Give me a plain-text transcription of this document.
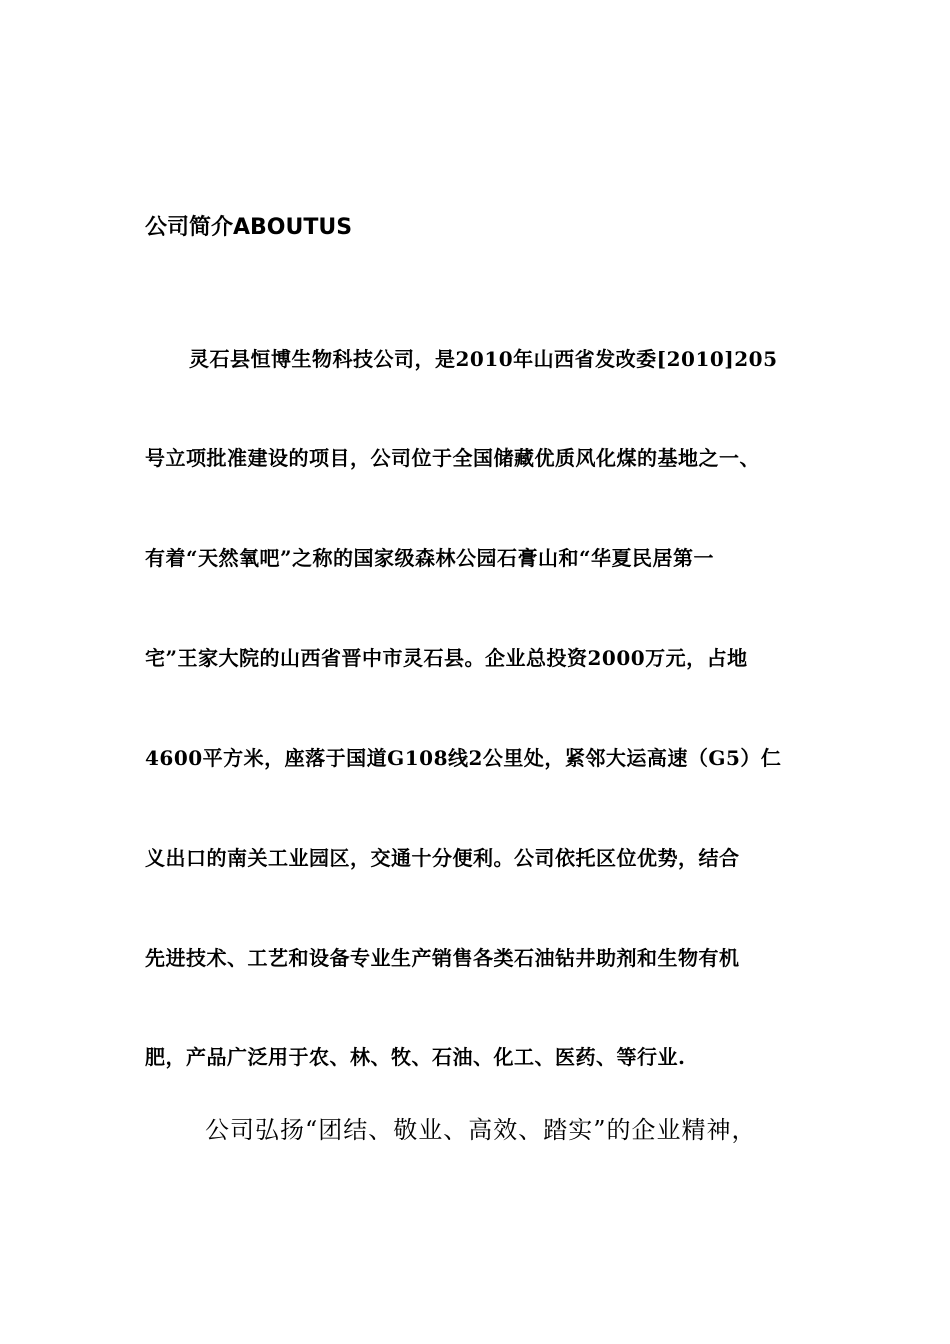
公司简介ABOUTUS
灵石县恒博生物科技公司，是2010年山西省发改委[2010]205
号立项批准建设的项目，公司位于全国储藏优质风化煤的基地之一、
有着“天然氧吧”之称的国家级森林公园石膏山和“华夏民居第一
宅”王家大院的山西省晋中市灵石县。企业总投资2000万元，占地
4600平方米，座落于国道G108线2公里处，紧邻大运高速（G5）仁
义出口的南关工业园区，交通十分便利。公司依托区位优势，结合
先进技术、工艺和设备专业生产销售各类石油钻井助剂和生物有机
肥，产品广泛用于农、林、牧、石油、化工、医药、等行业.
公司弘扬“团结、敬业、高效、踏实”的企业精神，
